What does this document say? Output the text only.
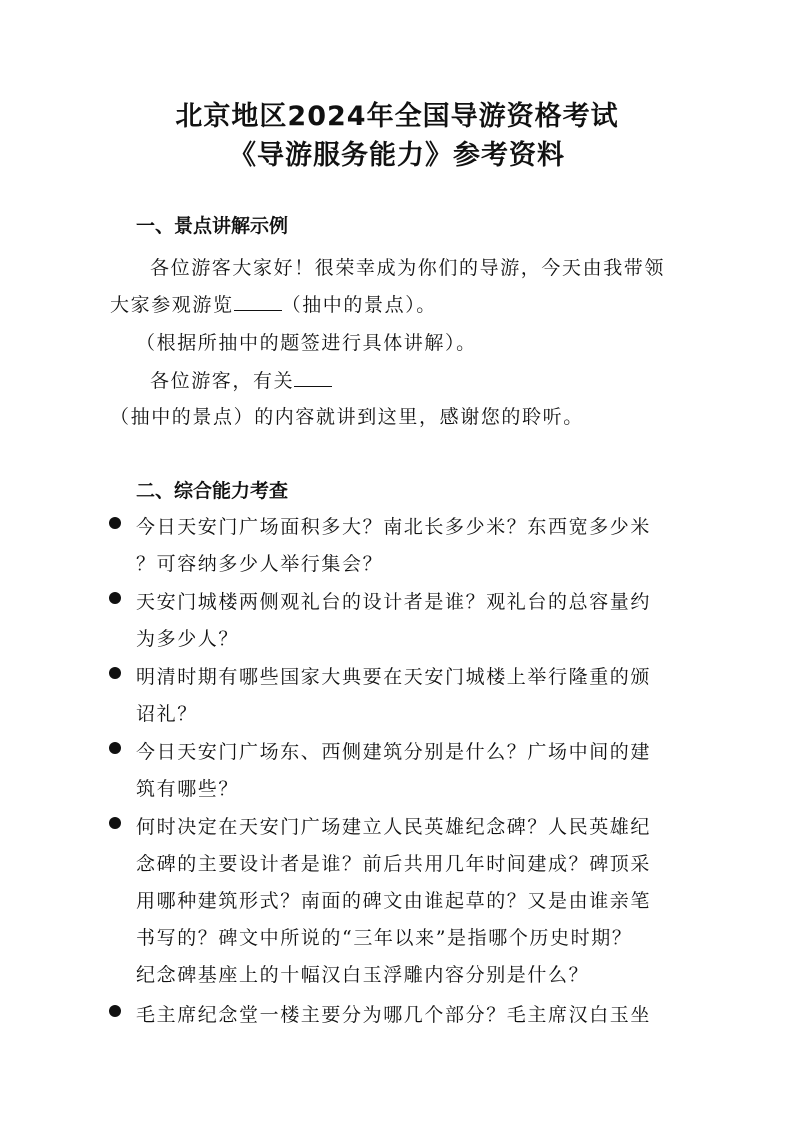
北京地区2024年全国导游资格考试
《导游服务能力》参考资料
一、景点讲解示例
各位游客大家好！很荣幸成为你们的导游，今天由我带领
大家参观游览	（抽中的景点）。
（根据所抽中的题签进行具体讲解）。
各位游客，有关
（抽中的景点）的内容就讲到这里，感谢您的聆听。
二、综合能力考查
今日天安门广场面积多大？南北长多少米？东西宽多少米
？可容纳多少人举行集会？
天安门城楼两侧观礼台的设计者是谁？观礼台的总容量约
为多少人？
明清时期有哪些国家大典要在天安门城楼上举行隆重的颁
诏礼？
今日天安门广场东、西侧建筑分别是什么？广场中间的建
筑有哪些？
何时决定在天安门广场建立人民英雄纪念碑？人民英雄纪
念碑的主要设计者是谁？前后共用几年时间建成？碑顶采
用哪种建筑形式？南面的碑文由谁起草的？又是由谁亲笔
书写的？碑文中所说的“三年以来”是指哪个历史时期？
纪念碑基座上的十幅汉白玉浮雕内容分别是什么？
毛主席纪念堂一楼主要分为哪几个部分？毛主席汉白玉坐
